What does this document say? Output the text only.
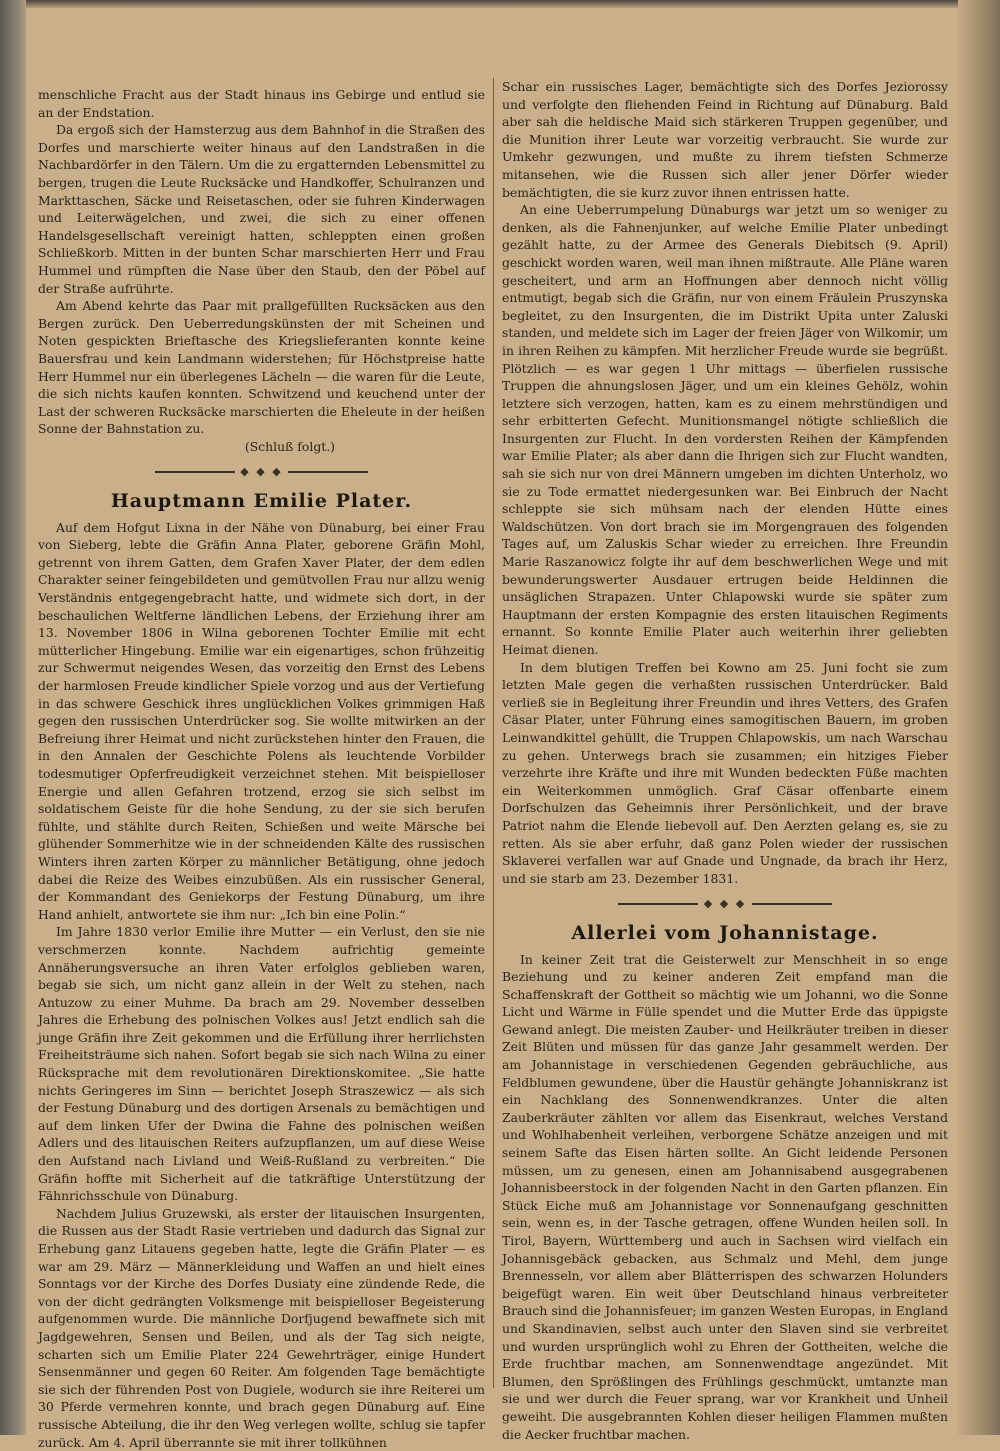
menschliche Fracht aus der Stadt hinaus ins Gebirge und entlud sie an der Endstation.

Da ergoß sich der Hamsterzug aus dem Bahnhof in die Straßen des Dorfes und marschierte weiter hinaus auf den Landstraßen in die Nachbardörfer in den Tälern. Um die zu ergatternden Lebensmittel zu bergen, trugen die Leute Rucksäcke und Handkoffer, Schulranzen und Markttaschen, Säcke und Reisetaschen, oder sie fuhren Kinderwagen und Leiterwägelchen, und zwei, die sich zu einer offenen Handelsgesellschaft vereinigt hatten, schleppten einen großen Schließkorb. Mitten in der bunten Schar marschierten Herr und Frau Hummel und rümpften die Nase über den Staub, den der Pöbel auf der Straße aufrührte.

Am Abend kehrte das Paar mit prallgefüllten Rucksäcken aus den Bergen zurück. Den Ueberredungskünsten der mit Scheinen und Noten gespickten Brieftasche des Kriegslieferanten konnte keine Bauersfrau und kein Landmann widerstehen; für Höchstpreise hatte Herr Hummel nur ein überlegenes Lächeln — die waren für die Leute, die sich nichts kaufen konnten. Schwitzend und keuchend unter der Last der schweren Rucksäcke marschierten die Eheleute in der heißen Sonne der Bahnstation zu.

(Schluß folgt.)

◆ ◆ ◆
Hauptmann Emilie Plater.

Auf dem Hofgut Lixna in der Nähe von Dünaburg, bei einer Frau von Sieberg, lebte die Gräfin Anna Plater, geborene Gräfin Mohl, getrennt von ihrem Gatten, dem Grafen Xaver Plater, der dem edlen Charakter seiner feingebildeten und gemütvollen Frau nur allzu wenig Verständnis entgegengebracht hatte, und widmete sich dort, in der beschaulichen Weltferne ländlichen Lebens, der Erziehung ihrer am 13. November 1806 in Wilna geborenen Tochter Emilie mit echt mütterlicher Hingebung. Emilie war ein eigenartiges, schon frühzeitig zur Schwermut neigendes Wesen, das vorzeitig den Ernst des Lebens der harmlosen Freude kindlicher Spiele vorzog und aus der Vertiefung in das schwere Geschick ihres unglücklichen Volkes grimmigen Haß gegen den russischen Unterdrücker sog. Sie wollte mitwirken an der Befreiung ihrer Heimat und nicht zurückstehen hinter den Frauen, die in den Annalen der Geschichte Polens als leuchtende Vorbilder todesmutiger Opferfreudigkeit verzeichnet stehen. Mit beispielloser Energie und allen Gefahren trotzend, erzog sie sich selbst im soldatischem Geiste für die hohe Sendung, zu der sie sich berufen fühlte, und stählte durch Reiten, Schießen und weite Märsche bei glühender Sommerhitze wie in der schneidenden Kälte des russischen Winters ihren zarten Körper zu männlicher Betätigung, ohne jedoch dabei die Reize des Weibes einzubüßen. Als ein russischer General, der Kommandant des Geniekorps der Festung Dünaburg, um ihre Hand anhielt, antwortete sie ihm nur: „Ich bin eine Polin.“

Im Jahre 1830 verlor Emilie ihre Mutter — ein Verlust, den sie nie verschmerzen konnte. Nachdem aufrichtig gemeinte Annäherungsversuche an ihren Vater erfolglos geblieben waren, begab sie sich, um nicht ganz allein in der Welt zu stehen, nach Antuzow zu einer Muhme. Da brach am 29. November desselben Jahres die Erhebung des polnischen Volkes aus! Jetzt endlich sah die junge Gräfin ihre Zeit gekommen und die Erfüllung ihrer herrlichsten Freiheitsträume sich nahen. Sofort begab sie sich nach Wilna zu einer Rücksprache mit dem revolutionären Direktionskomitee. „Sie hatte nichts Geringeres im Sinn — berichtet Joseph Straszewicz — als sich der Festung Dünaburg und des dortigen Arsenals zu bemächtigen und auf dem linken Ufer der Dwina die Fahne des polnischen weißen Adlers und des litauischen Reiters aufzupflanzen, um auf diese Weise den Aufstand nach Livland und Weiß-Rußland zu verbreiten.“ Die Gräfin hoffte mit Sicherheit auf die tatkräftige Unterstützung der Fähnrichsschule von Dünaburg.

Nachdem Julius Gruzewski, als erster der litauischen Insurgenten, die Russen aus der Stadt Rasie vertrieben und dadurch das Signal zur Erhebung ganz Litauens gegeben hatte, legte die Gräfin Plater — es war am 29. März — Männerkleidung und Waffen an und hielt eines Sonntags vor der Kirche des Dorfes Dusiaty eine zündende Rede, die von der dicht gedrängten Volksmenge mit beispielloser Begeisterung aufgenommen wurde. Die männliche Dorfjugend bewaffnete sich mit Jagdgewehren, Sensen und Beilen, und als der Tag sich neigte, scharten sich um Emilie Plater 224 Gewehrträger, einige Hundert Sensenmänner und gegen 60 Reiter. Am folgenden Tage bemächtigte sie sich der führenden Post von Dugiele, wodurch sie ihre Reiterei um 30 Pferde vermehren konnte, und brach gegen Dünaburg auf. Eine russische Abteilung, die ihr den Weg verlegen wollte, schlug sie tapfer zurück. Am 4. April überrannte sie mit ihrer tollkühnen

Schar ein russisches Lager, bemächtigte sich des Dorfes Jeziorossy und verfolgte den fliehenden Feind in Richtung auf Dünaburg. Bald aber sah die heldische Maid sich stärkeren Truppen gegenüber, und die Munition ihrer Leute war vorzeitig verbraucht. Sie wurde zur Umkehr gezwungen, und mußte zu ihrem tiefsten Schmerze mitansehen, wie die Russen sich aller jener Dörfer wieder bemächtigten, die sie kurz zuvor ihnen entrissen hatte.

An eine Ueberrumpelung Dünaburgs war jetzt um so weniger zu denken, als die Fahnenjunker, auf welche Emilie Plater unbedingt gezählt hatte, zu der Armee des Generals Diebitsch (9. April) geschickt worden waren, weil man ihnen mißtraute. Alle Pläne waren gescheitert, und arm an Hoffnungen aber dennoch nicht völlig entmutigt, begab sich die Gräfin, nur von einem Fräulein Pruszynska begleitet, zu den Insurgenten, die im Distrikt Upita unter Zaluski standen, und meldete sich im Lager der freien Jäger von Wilkomir, um in ihren Reihen zu kämpfen. Mit herzlicher Freude wurde sie begrüßt. Plötzlich — es war gegen 1 Uhr mittags — überfielen russische Truppen die ahnungslosen Jäger, und um ein kleines Gehölz, wohin letztere sich verzogen, hatten, kam es zu einem mehrstündigen und sehr erbitterten Gefecht. Munitionsmangel nötigte schließlich die Insurgenten zur Flucht. In den vordersten Reihen der Kämpfenden war Emilie Plater; als aber dann die Ihrigen sich zur Flucht wandten, sah sie sich nur von drei Männern umgeben im dichten Unterholz, wo sie zu Tode ermattet niedergesunken war. Bei Einbruch der Nacht schleppte sie sich mühsam nach der elenden Hütte eines Waldschützen. Von dort brach sie im Morgengrauen des folgenden Tages auf, um Zaluskis Schar wieder zu erreichen. Ihre Freundin Marie Raszanowicz folgte ihr auf dem beschwerlichen Wege und mit bewunderungswerter Ausdauer ertrugen beide Heldinnen die unsäglichen Strapazen. Unter Chlapowski wurde sie später zum Hauptmann der ersten Kompagnie des ersten litauischen Regiments ernannt. So konnte Emilie Plater auch weiterhin ihrer geliebten Heimat dienen.

In dem blutigen Treffen bei Kowno am 25. Juni focht sie zum letzten Male gegen die verhaßten russischen Unterdrücker. Bald verließ sie in Begleitung ihrer Freundin und ihres Vetters, des Grafen Cäsar Plater, unter Führung eines samogitischen Bauern, im groben Leinwandkittel gehüllt, die Truppen Chlapowskis, um nach Warschau zu gehen. Unterwegs brach sie zusammen; ein hitziges Fieber verzehrte ihre Kräfte und ihre mit Wunden bedeckten Füße machten ein Weiterkommen unmöglich. Graf Cäsar offenbarte einem Dorfschulzen das Geheimnis ihrer Persönlichkeit, und der brave Patriot nahm die Elende liebevoll auf. Den Aerzten gelang es, sie zu retten. Als sie aber erfuhr, daß ganz Polen wieder der russischen Sklaverei verfallen war auf Gnade und Ungnade, da brach ihr Herz, und sie starb am 23. Dezember 1831.

◆ ◆ ◆
Allerlei vom Johannistage.

In keiner Zeit trat die Geisterwelt zur Menschheit in so enge Beziehung und zu keiner anderen Zeit empfand man die Schaffenskraft der Gottheit so mächtig wie um Johanni, wo die Sonne Licht und Wärme in Fülle spendet und die Mutter Erde das üppigste Gewand anlegt. Die meisten Zauber- und Heilkräuter treiben in dieser Zeit Blüten und müssen für das ganze Jahr gesammelt werden. Der am Johannistage in verschiedenen Gegenden gebräuchliche, aus Feldblumen gewundene, über die Haustür gehängte Johanniskranz ist ein Nachklang des Sonnenwendkranzes. Unter die alten Zauberkräuter zählten vor allem das Eisenkraut, welches Verstand und Wohlhabenheit verleihen, verborgene Schätze anzeigen und mit seinem Safte das Eisen härten sollte. An Gicht leidende Personen müssen, um zu genesen, einen am Johannisabend ausgegrabenen Johannisbeerstock in der folgenden Nacht in den Garten pflanzen. Ein Stück Eiche muß am Johannistage vor Sonnenaufgang geschnitten sein, wenn es, in der Tasche getragen, offene Wunden heilen soll. In Tirol, Bayern, Württemberg und auch in Sachsen wird vielfach ein Johannisgebäck gebacken, aus Schmalz und Mehl, dem junge Brennesseln, vor allem aber Blätterrispen des schwarzen Holunders beigefügt waren. Ein weit über Deutschland hinaus verbreiteter Brauch sind die Johannisfeuer; im ganzen Westen Europas, in England und Skandinavien, selbst auch unter den Slaven sind sie verbreitet und wurden ursprünglich wohl zu Ehren der Gottheiten, welche die Erde fruchtbar machen, am Sonnenwendtage angezündet. Mit Blumen, den Sprößlingen des Frühlings geschmückt, umtanzte man sie und wer durch die Feuer sprang, war vor Krankheit und Unheil geweiht. Die ausgebrannten Kohlen dieser heiligen Flammen mußten die Aecker fruchtbar machen.
